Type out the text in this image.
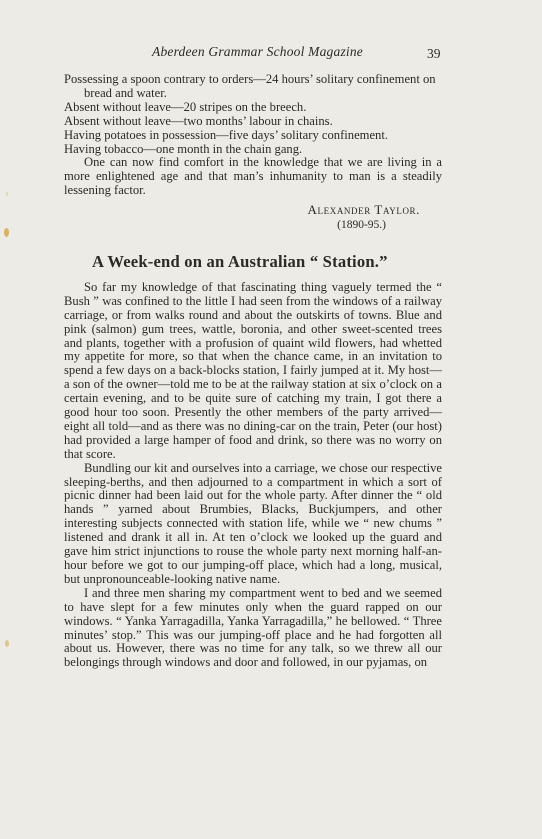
Aberdeen Grammar School Magazine	39

Possessing a spoon contrary to orders—24 hours’ solitary confinement on bread and water.

Absent without leave—20 stripes on the breech.

Absent without leave—two months’ labour in chains.

Having potatoes in possession—five days’ solitary confinement.

Having tobacco—one month in the chain gang.

One can now find comfort in the knowledge that we are living in a more enlightened age and that man’s inhumanity to man is a steadily lessening factor.

Alexander Taylor.

(1890-95.)

A Week-end on an Australian “ Station.”

So far my knowledge of that fascinating thing vaguely termed the “ Bush ” was confined to the little I had seen from the windows of a railway carriage, or from walks round and about the outskirts of towns. Blue and pink (salmon) gum trees, wattle, boronia, and other sweet-scented trees and plants, together with a profusion of quaint wild flowers, had whetted my appetite for more, so that when the chance came, in an invitation to spend a few days on a back-blocks station, I fairly jumped at it. My host—a son of the owner—told me to be at the railway station at six o’clock on a certain evening, and to be quite sure of catching my train, I got there a good hour too soon. Presently the other members of the party arrived—eight all told—and as there was no dining-car on the train, Peter (our host) had provided a large hamper of food and drink, so there was no worry on that score.

Bundling our kit and ourselves into a carriage, we chose our respective sleeping-berths, and then adjourned to a compartment in which a sort of picnic dinner had been laid out for the whole party. After dinner the “ old hands ” yarned about Brumbies, Blacks, Buckjumpers, and other interesting subjects connected with station life, while we “ new chums ” listened and drank it all in. At ten o’clock we looked up the guard and gave him strict injunctions to rouse the whole party next morning half-an-hour before we got to our jumping-off place, which had a long, musical, but unpronounceable-looking native name.

I and three men sharing my compartment went to bed and we seemed to have slept for a few minutes only when the guard rapped on our windows. “ Yanka Yarragadilla, Yanka Yarragadilla,” he bellowed. “ Three minutes’ stop.” This was our jumping-off place and he had forgotten all about us. However, there was no time for any talk, so we threw all our belongings through windows and door and followed, in our pyjamas, on
